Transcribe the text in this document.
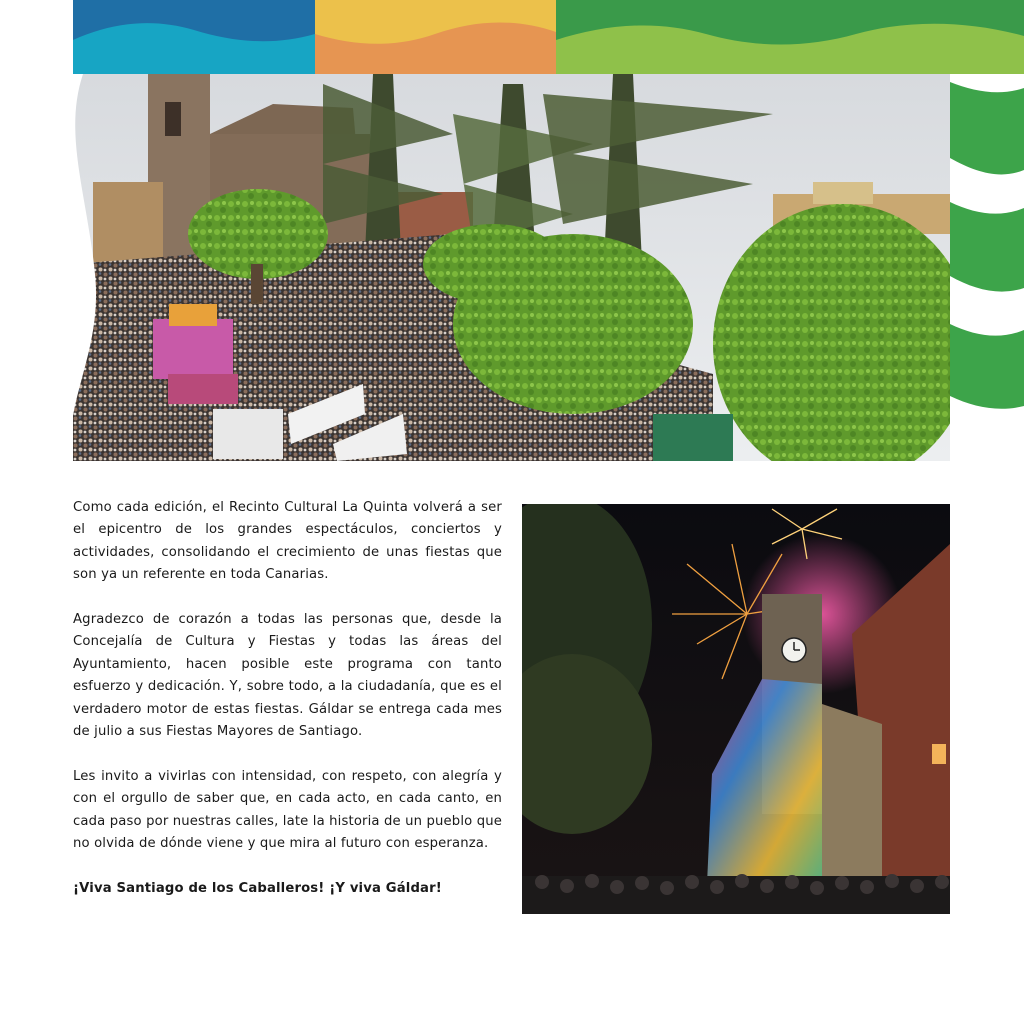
Como cada edición, el Recinto Cultural La Quinta volverá a ser el epicentro de los grandes espectáculos, conciertos y actividades, consolidando el crecimiento de unas fiestas que son ya un referente en toda Canarias.

Agradezco de corazón a todas las personas que, desde la Concejalía de Cultura y Fiestas y todas las áreas del Ayuntamiento, hacen posible este programa con tanto esfuerzo y dedicación. Y, sobre todo, a la ciudadanía, que es el verdadero motor de estas fiestas. Gáldar se entrega cada mes de julio a sus Fiestas Mayores de Santiago.

Les invito a vivirlas con intensidad, con respeto, con alegría y con el orgullo de saber que, en cada acto, en cada canto, en cada paso por nuestras calles, late la historia de un pueblo que no olvida de dónde viene y que mira al futuro con esperanza.

¡Viva Santiago de los Caballeros! ¡Y viva Gáldar!
